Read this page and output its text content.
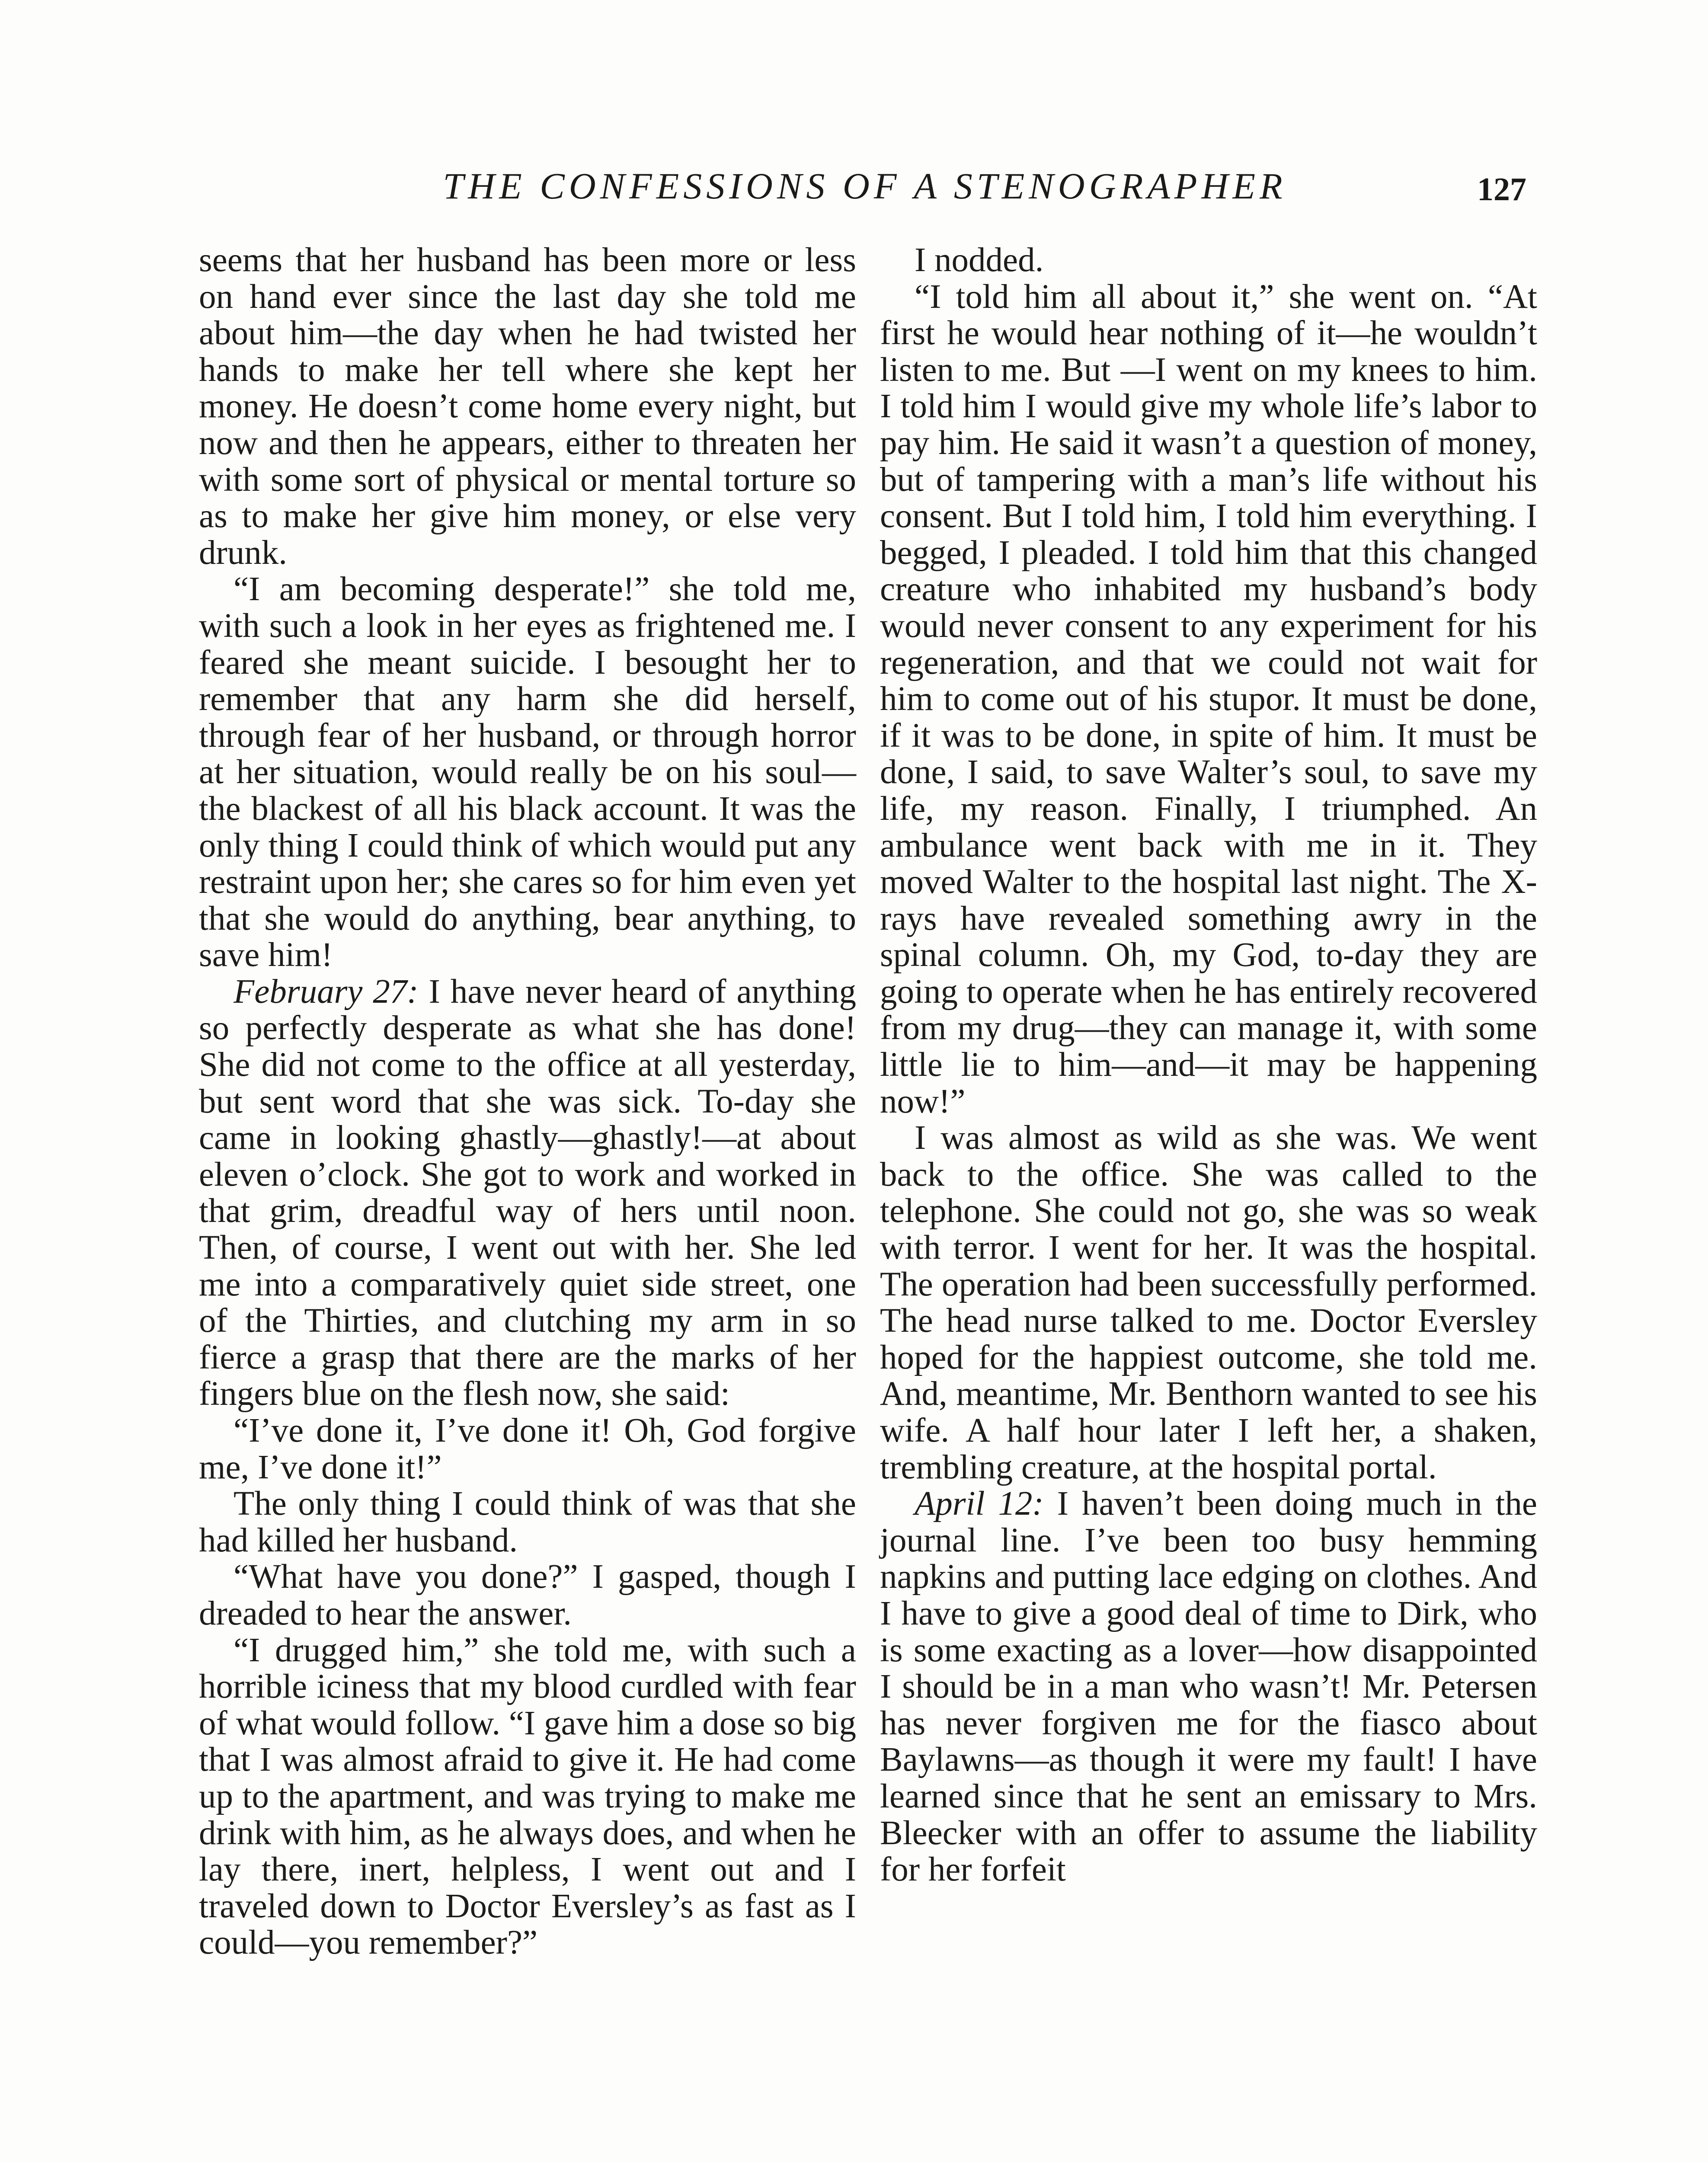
THE CONFESSIONS OF A STENOGRAPHER	127

seems that her husband has been more or less on hand ever since the last day she told me about him—the day when he had twisted her hands to make her tell where she kept her money. He doesn’t come home every night, but now and then he appears, either to threaten her with some sort of physical or mental torture so as to make her give him money, or else very drunk.

“I am becoming desperate!” she told me, with such a look in her eyes as frightened me. I feared she meant suicide. I besought her to remember that any harm she did herself, through fear of her husband, or through horror at her situation, would really be on his soul—the blackest of all his black account. It was the only thing I could think of which would put any restraint upon her; she cares so for him even yet that she would do anything, bear anything, to save him!

February 27: I have never heard of anything so perfectly desperate as what she has done! She did not come to the office at all yesterday, but sent word that she was sick. To-day she came in looking ghastly—ghastly!—at about eleven o’clock. She got to work and worked in that grim, dreadful way of hers until noon. Then, of course, I went out with her. She led me into a comparatively quiet side street, one of the Thirties, and clutching my arm in so fierce a grasp that there are the marks of her fingers blue on the flesh now, she said:

“I’ve done it, I’ve done it! Oh, God forgive me, I’ve done it!”

The only thing I could think of was that she had killed her husband.

“What have you done?” I gasped, though I dreaded to hear the answer.

“I drugged him,” she told me, with such a horrible iciness that my blood curdled with fear of what would follow. “I gave him a dose so big that I was almost afraid to give it. He had come up to the apartment, and was trying to make me drink with him, as he always does, and when he lay there, inert, helpless, I went out and I traveled down to Doctor Eversley’s as fast as I could—you remember?”

I nodded.

“I told him all about it,” she went on. “At first he would hear nothing of it—he wouldn’t listen to me. But —I went on my knees to him. I told him I would give my whole life’s labor to pay him. He said it wasn’t a question of money, but of tampering with a man’s life without his consent. But I told him, I told him everything. I begged, I pleaded. I told him that this changed creature who inhabited my husband’s body would never consent to any experiment for his regeneration, and that we could not wait for him to come out of his stupor. It must be done, if it was to be done, in spite of him. It must be done, I said, to save Walter’s soul, to save my life, my reason. Finally, I triumphed. An ambulance went back with me in it. They moved Walter to the hospital last night. The X-rays have revealed something awry in the spinal column. Oh, my God, to-day they are going to operate when he has entirely recovered from my drug—they can manage it, with some little lie to him—and—it may be happening now!”

I was almost as wild as she was. We went back to the office. She was called to the telephone. She could not go, she was so weak with terror. I went for her. It was the hospital. The operation had been successfully performed. The head nurse talked to me. Doctor Eversley hoped for the happiest outcome, she told me. And, meantime, Mr. Benthorn wanted to see his wife. A half hour later I left her, a shaken, trembling creature, at the hospital portal.

April 12: I haven’t been doing much in the journal line. I’ve been too busy hemming napkins and putting lace edging on clothes. And I have to give a good deal of time to Dirk, who is some exacting as a lover—how disappointed I should be in a man who wasn’t! Mr. Petersen has never forgiven me for the fiasco about Baylawns—as though it were my fault! I have learned since that he sent an emissary to Mrs. Bleecker with an offer to assume the liability for her forfeit
